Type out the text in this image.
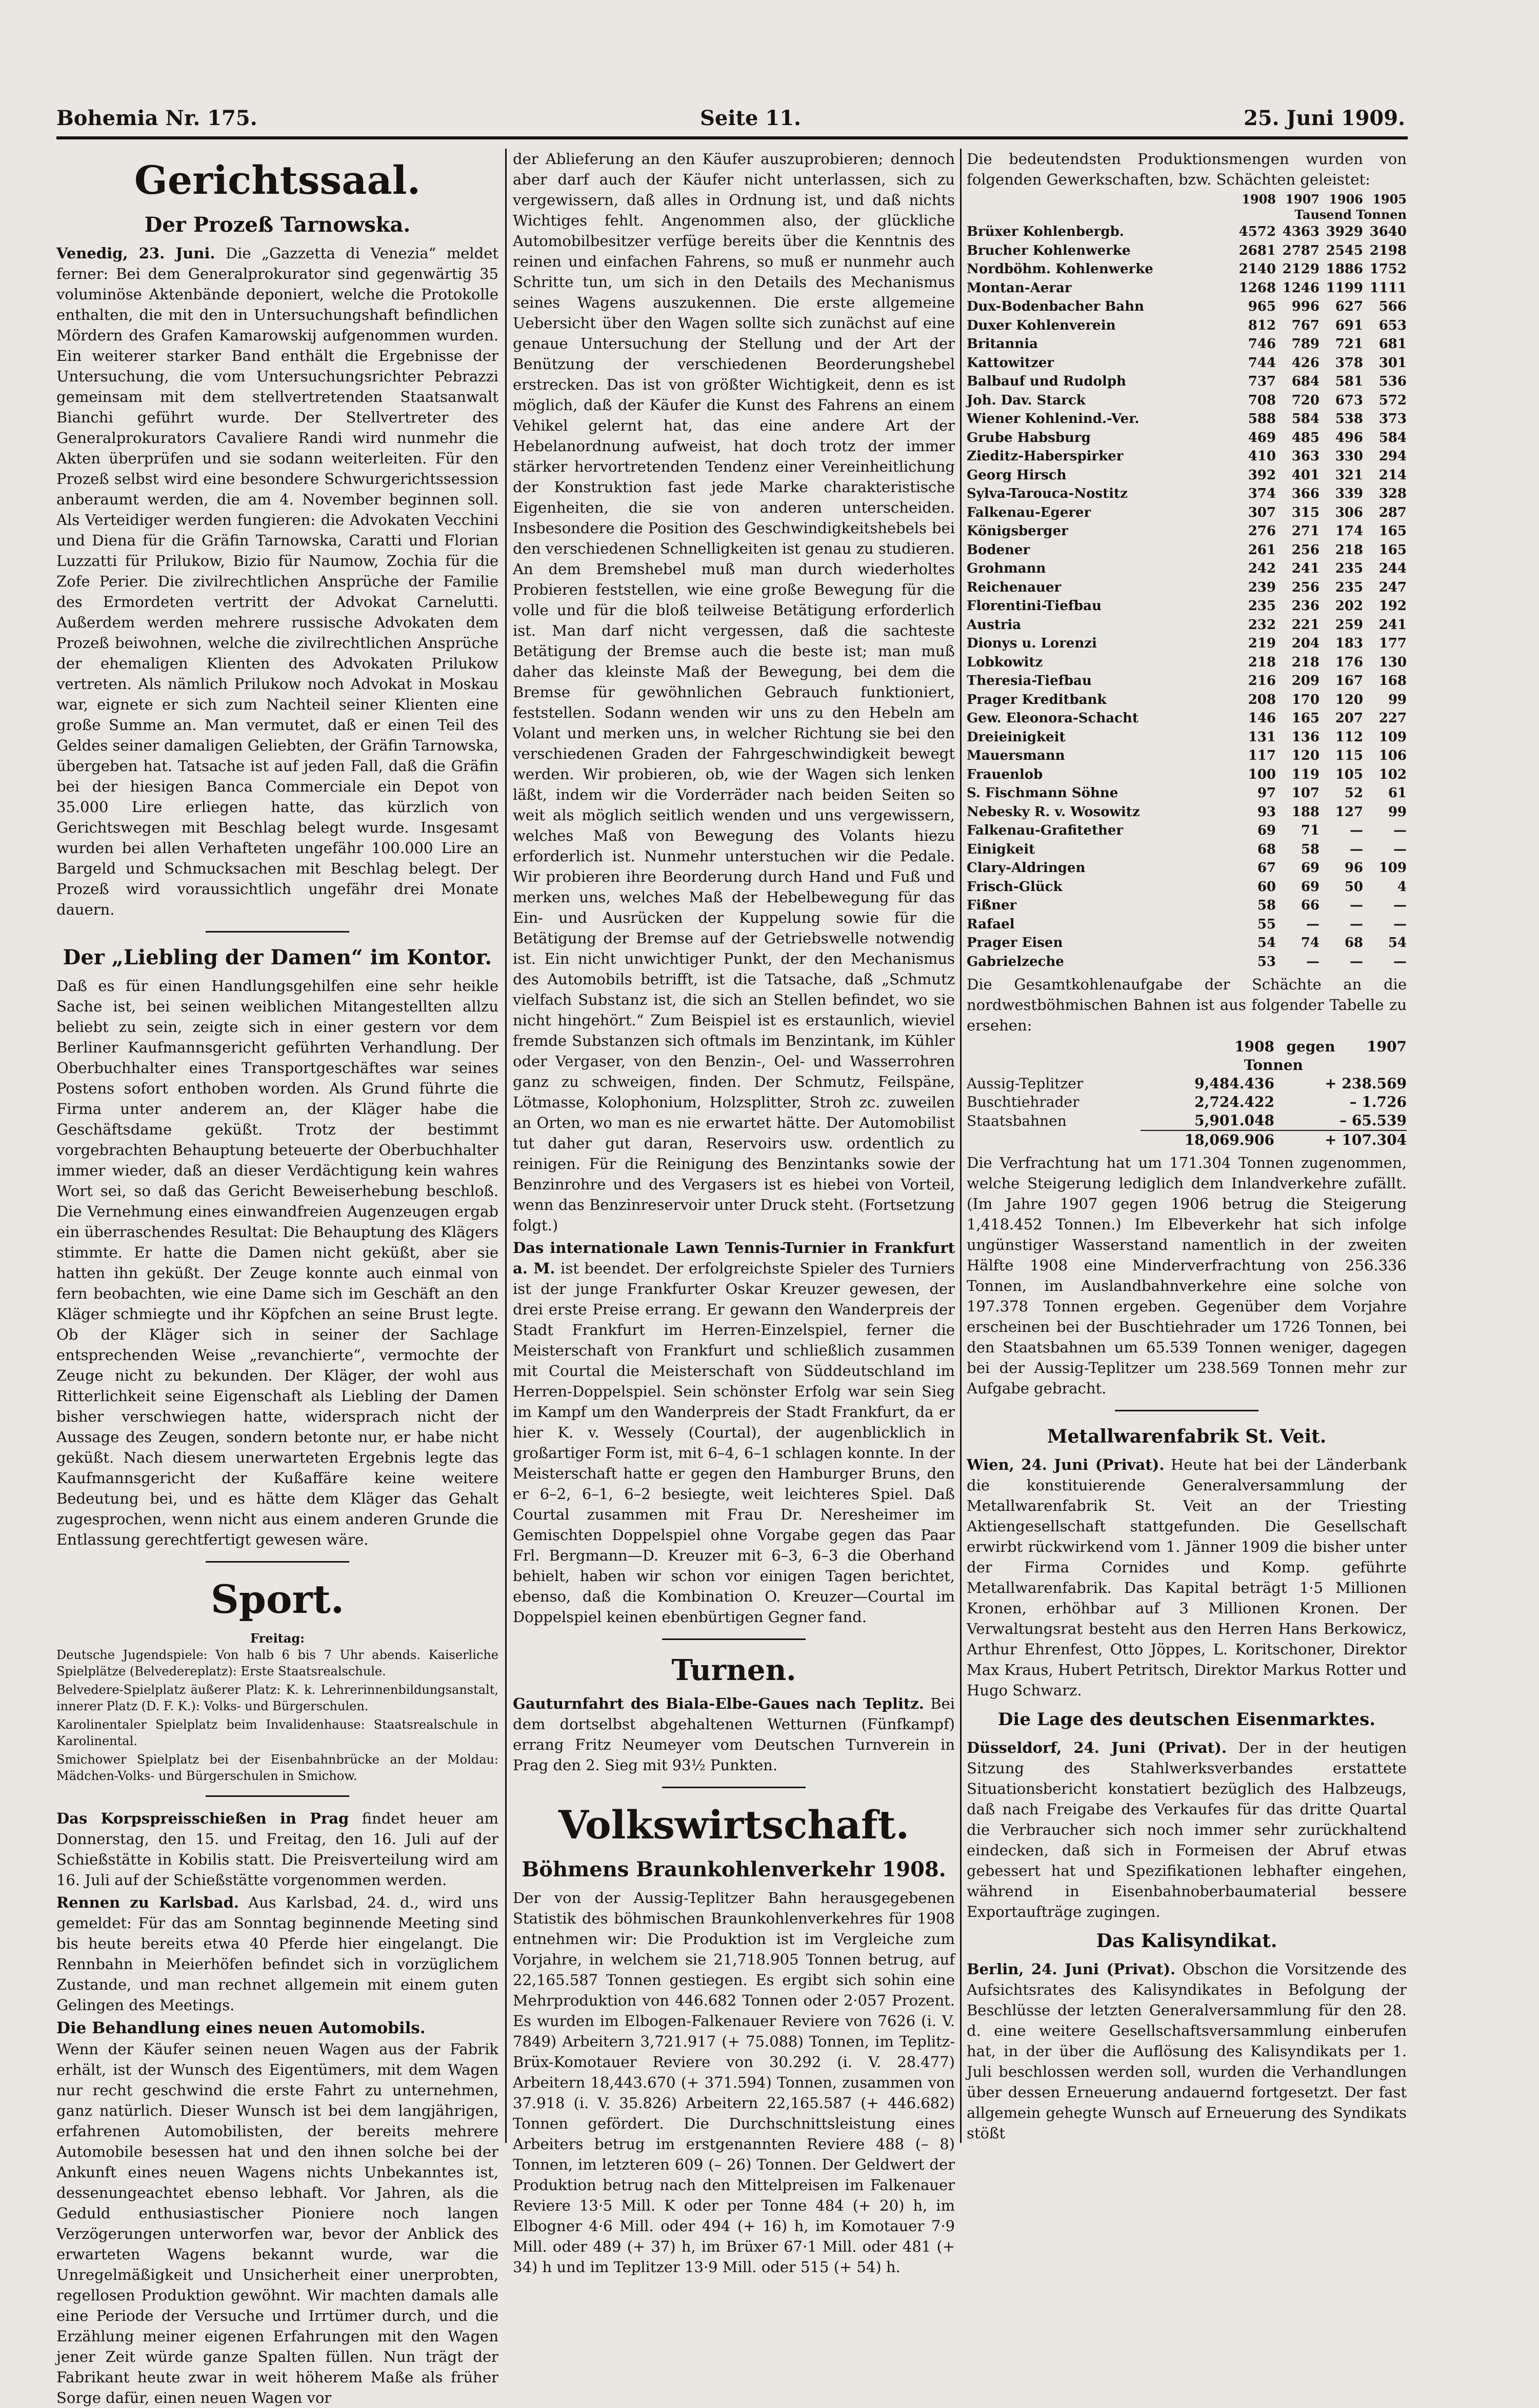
Bohemia Nr. 175.	Seite 11.	25. Juni 1909.
Gerichtssaal.
Der Prozeß Tarnowska.

Venedig, 23. Juni. Die „Gazzetta di Venezia“ meldet ferner: Bei dem Generalprokurator sind gegenwärtig 35 voluminöse Aktenbände deponiert, welche die Protokolle enthalten, die mit den in Untersuchungshaft befindlichen Mördern des Grafen Kamarowskij aufgenommen wurden. Ein weiterer starker Band enthält die Ergebnisse der Untersuchung, die vom Untersuchungsrichter Pebrazzi gemeinsam mit dem stellvertretenden Staatsanwalt Bianchi geführt wurde. Der Stellvertreter des Generalprokurators Cavaliere Randi wird nunmehr die Akten überprüfen und sie sodann weiterleiten. Für den Prozeß selbst wird eine besondere Schwurgerichtssession anberaumt werden, die am 4. November beginnen soll. Als Verteidiger werden fungieren: die Advokaten Vecchini und Diena für die Gräfin Tarnowska, Caratti und Florian Luzzatti für Prilukow, Bizio für Naumow, Zochia für die Zofe Perier. Die zivilrechtlichen Ansprüche der Familie des Ermordeten vertritt der Advokat Carnelutti. Außerdem werden mehrere russische Advokaten dem Prozeß beiwohnen, welche die zivilrechtlichen Ansprüche der ehemaligen Klienten des Advokaten Prilukow vertreten. Als nämlich Prilukow noch Advokat in Moskau war, eignete er sich zum Nachteil seiner Klienten eine große Summe an. Man vermutet, daß er einen Teil des Geldes seiner damaligen Geliebten, der Gräfin Tarnowska, übergeben hat. Tatsache ist auf jeden Fall, daß die Gräfin bei der hiesigen Banca Commerciale ein Depot von 35.000 Lire erliegen hatte, das kürzlich von Gerichtswegen mit Beschlag belegt wurde. Insgesamt wurden bei allen Verhafteten ungefähr 100.000 Lire an Bargeld und Schmucksachen mit Beschlag belegt. Der Prozeß wird voraussichtlich ungefähr drei Monate dauern.

Der „Liebling der Damen“ im Kontor.

Daß es für einen Handlungsgehilfen eine sehr heikle Sache ist, bei seinen weiblichen Mitangestellten allzu beliebt zu sein, zeigte sich in einer gestern vor dem Berliner Kaufmannsgericht geführten Verhandlung. Der Oberbuchhalter eines Transportgeschäftes war seines Postens sofort enthoben worden. Als Grund führte die Firma unter anderem an, der Kläger habe die Geschäftsdame geküßt. Trotz der bestimmt vorgebrachten Behauptung beteuerte der Oberbuchhalter immer wieder, daß an dieser Verdächtigung kein wahres Wort sei, so daß das Gericht Beweiserhebung beschloß. Die Vernehmung eines einwandfreien Augenzeugen ergab ein überraschendes Resultat: Die Behauptung des Klägers stimmte. Er hatte die Damen nicht geküßt, aber sie hatten ihn geküßt. Der Zeuge konnte auch einmal von fern beobachten, wie eine Dame sich im Geschäft an den Kläger schmiegte und ihr Köpfchen an seine Brust legte. Ob der Kläger sich in seiner der Sachlage entsprechenden Weise „revanchierte“, vermochte der Zeuge nicht zu bekunden. Der Kläger, der wohl aus Ritterlichkeit seine Eigenschaft als Liebling der Damen bisher verschwiegen hatte, widersprach nicht der Aussage des Zeugen, sondern betonte nur, er habe nicht geküßt. Nach diesem unerwarteten Ergebnis legte das Kaufmannsgericht der Kußaffäre keine weitere Bedeutung bei, und es hätte dem Kläger das Gehalt zugesprochen, wenn nicht aus einem anderen Grunde die Entlassung gerechtfertigt gewesen wäre.

Sport.
Freitag:

Deutsche Jugendspiele: Von halb 6 bis 7 Uhr abends. Kaiserliche Spielplätze (Belvedereplatz): Erste Staatsrealschule.

Belvedere-Spielplatz äußerer Platz: K. k. Lehrerinnenbildungsanstalt, innerer Platz (D. F. K.): Volks- und Bürgerschulen.

Karolinentaler Spielplatz beim Invalidenhause: Staatsrealschule in Karolinental.

Smichower Spielplatz bei der Eisenbahnbrücke an der Moldau: Mädchen-Volks- und Bürgerschulen in Smichow.

Das Korpspreisschießen in Prag findet heuer am Donnerstag, den 15. und Freitag, den 16. Juli auf der Schießstätte in Kobilis statt. Die Preisverteilung wird am 16. Juli auf der Schießstätte vorgenommen werden.

Rennen zu Karlsbad. Aus Karlsbad, 24. d., wird uns gemeldet: Für das am Sonntag beginnende Meeting sind bis heute bereits etwa 40 Pferde hier eingelangt. Die Rennbahn in Meierhöfen befindet sich in vorzüglichem Zustande, und man rechnet allgemein mit einem guten Gelingen des Meetings.

Die Behandlung eines neuen Automobils.

Wenn der Käufer seinen neuen Wagen aus der Fabrik erhält, ist der Wunsch des Eigentümers, mit dem Wagen nur recht geschwind die erste Fahrt zu unternehmen, ganz natürlich. Dieser Wunsch ist bei dem langjährigen, erfahrenen Automobilisten, der bereits mehrere Automobile besessen hat und den ihnen solche bei der Ankunft eines neuen Wagens nichts Unbekanntes ist, dessenungeachtet ebenso lebhaft. Vor Jahren, als die Geduld enthusiastischer Pioniere noch langen Verzögerungen unterworfen war, bevor der Anblick des erwarteten Wagens bekannt wurde, war die Unregelmäßigkeit und Unsicherheit einer unerprobten, regellosen Produktion gewöhnt. Wir machten damals alle eine Periode der Versuche und Irrtümer durch, und die Erzählung meiner eigenen Erfahrungen mit den Wagen jener Zeit würde ganze Spalten füllen. Nun trägt der Fabrikant heute zwar in weit höherem Maße als früher Sorge dafür, einen neuen Wagen vor

der Ablieferung an den Käufer auszuprobieren; dennoch aber darf auch der Käufer nicht unterlassen, sich zu vergewissern, daß alles in Ordnung ist, und daß nichts Wichtiges fehlt. Angenommen also, der glückliche Automobilbesitzer verfüge bereits über die Kenntnis des reinen und einfachen Fahrens, so muß er nunmehr auch Schritte tun, um sich in den Details des Mechanismus seines Wagens auszukennen. Die erste allgemeine Uebersicht über den Wagen sollte sich zunächst auf eine genaue Untersuchung der Stellung und der Art der Benützung der verschiedenen Beorderungshebel erstrecken. Das ist von größter Wichtigkeit, denn es ist möglich, daß der Käufer die Kunst des Fahrens an einem Vehikel gelernt hat, das eine andere Art der Hebelanordnung aufweist, hat doch trotz der immer stärker hervortretenden Tendenz einer Vereinheitlichung der Konstruktion fast jede Marke charakteristische Eigenheiten, die sie von anderen unterscheiden. Insbesondere die Position des Geschwindigkeitshebels bei den verschiedenen Schnelligkeiten ist genau zu studieren. An dem Bremshebel muß man durch wiederholtes Probieren feststellen, wie eine große Bewegung für die volle und für die bloß teilweise Betätigung erforderlich ist. Man darf nicht vergessen, daß die sachteste Betätigung der Bremse auch die beste ist; man muß daher das kleinste Maß der Bewegung, bei dem die Bremse für gewöhnlichen Gebrauch funktioniert, feststellen. Sodann wenden wir uns zu den Hebeln am Volant und merken uns, in welcher Richtung sie bei den verschiedenen Graden der Fahrgeschwindigkeit bewegt werden. Wir probieren, ob, wie der Wagen sich lenken läßt, indem wir die Vorderräder nach beiden Seiten so weit als möglich seitlich wenden und uns vergewissern, welches Maß von Bewegung des Volants hiezu erforderlich ist. Nunmehr unterstuchen wir die Pedale. Wir probieren ihre Beorderung durch Hand und Fuß und merken uns, welches Maß der Hebelbewegung für das Ein- und Ausrücken der Kuppelung sowie für die Betätigung der Bremse auf der Getriebswelle notwendig ist. Ein nicht unwichtiger Punkt, der den Mechanismus des Automobils betrifft, ist die Tatsache, daß „Schmutz vielfach Substanz ist, die sich an Stellen befindet, wo sie nicht hingehört.“ Zum Beispiel ist es erstaunlich, wieviel fremde Substanzen sich oftmals im Benzintank, im Kühler oder Vergaser, von den Benzin-, Oel- und Wasserrohren ganz zu schweigen, finden. Der Schmutz, Feilspäne, Lötmasse, Kolophonium, Holzsplitter, Stroh zc. zuweilen an Orten, wo man es nie erwartet hätte. Der Automobilist tut daher gut daran, Reservoirs usw. ordentlich zu reinigen. Für die Reinigung des Benzintanks sowie der Benzinrohre und des Vergasers ist es hiebei von Vorteil, wenn das Benzinreservoir unter Druck steht. (Fortsetzung folgt.)

Das internationale Lawn Tennis-Turnier in Frankfurt a. M. ist beendet. Der erfolgreichste Spieler des Turniers ist der junge Frankfurter Oskar Kreuzer gewesen, der drei erste Preise errang. Er gewann den Wanderpreis der Stadt Frankfurt im Herren-Einzelspiel, ferner die Meisterschaft von Frankfurt und schließlich zusammen mit Courtal die Meisterschaft von Süddeutschland im Herren-Doppelspiel. Sein schönster Erfolg war sein Sieg im Kampf um den Wanderpreis der Stadt Frankfurt, da er hier K. v. Wessely (Courtal), der augenblicklich in großartiger Form ist, mit 6–4, 6–1 schlagen konnte. In der Meisterschaft hatte er gegen den Hamburger Bruns, den er 6–2, 6–1, 6–2 besiegte, weit leichteres Spiel. Daß Courtal zusammen mit Frau Dr. Neresheimer im Gemischten Doppelspiel ohne Vorgabe gegen das Paar Frl. Bergmann—D. Kreuzer mit 6–3, 6–3 die Oberhand behielt, haben wir schon vor einigen Tagen berichtet, ebenso, daß die Kombination O. Kreuzer—Courtal im Doppelspiel keinen ebenbürtigen Gegner fand.

Turnen.

Gauturnfahrt des Biala-Elbe-Gaues nach Teplitz. Bei dem dortselbst abgehaltenen Wetturnen (Fünfkampf) errang Fritz Neumeyer vom Deutschen Turnverein in Prag den 2. Sieg mit 93½ Punkten.

Volkswirtschaft.
Böhmens Braunkohlenverkehr 1908.

Der von der Aussig-Teplitzer Bahn herausgegebenen Statistik des böhmischen Braunkohlenverkehres für 1908 entnehmen wir: Die Produktion ist im Vergleiche zum Vorjahre, in welchem sie 21,718.905 Tonnen betrug, auf 22,165.587 Tonnen gestiegen. Es ergibt sich sohin eine Mehrproduktion von 446.682 Tonnen oder 2·057 Prozent. Es wurden im Elbogen-Falkenauer Reviere von 7626 (i. V. 7849) Arbeitern 3,721.917 (+ 75.088) Tonnen, im Teplitz-Brüx-Komotauer Reviere von 30.292 (i. V. 28.477) Arbeitern 18,443.670 (+ 371.594) Tonnen, zusammen von 37.918 (i. V. 35.826) Arbeitern 22,165.587 (+ 446.682) Tonnen gefördert. Die Durchschnittsleistung eines Arbeiters betrug im erstgenannten Reviere 488 (– 8) Tonnen, im letzteren 609 (– 26) Tonnen. Der Geldwert der Produktion betrug nach den Mittelpreisen im Falkenauer Reviere 13·5 Mill. K oder per Tonne 484 (+ 20) h, im Elbogner 4·6 Mill. oder 494 (+ 16) h, im Komotauer 7·9 Mill. oder 489 (+ 37) h, im Brüxer 67·1 Mill. oder 481 (+ 34) h und im Teplitzer 13·9 Mill. oder 515 (+ 54) h.

Die bedeutendsten Produktionsmengen wurden von folgenden Gewerkschaften, bzw. Schächten geleistet:

	1908	1907	1906	1905
	Tausend Tonnen			
Brüxer Kohlenbergb.	4572	4363	3929	3640
Brucher Kohlenwerke	2681	2787	2545	2198
Nordböhm. Kohlenwerke	2140	2129	1886	1752
Montan-Aerar	1268	1246	1199	1111
Dux-Bodenbacher Bahn	965	996	627	566
Duxer Kohlenverein	812	767	691	653
Britannia	746	789	721	681
Kattowitzer	744	426	378	301
Balbauf und Rudolph	737	684	581	536
Joh. Dav. Starck	708	720	673	572
Wiener Kohlenind.-Ver.	588	584	538	373
Grube Habsburg	469	485	496	584
Zieditz-Haberspirker	410	363	330	294
Georg Hirsch	392	401	321	214
Sylva-Tarouca-Nostitz	374	366	339	328
Falkenau-Egerer	307	315	306	287
Königsberger	276	271	174	165
Bodener	261	256	218	165
Grohmann	242	241	235	244
Reichenauer	239	256	235	247
Florentini-Tiefbau	235	236	202	192
Austria	232	221	259	241
Dionys u. Lorenzi	219	204	183	177
Lobkowitz	218	218	176	130
Theresia-Tiefbau	216	209	167	168
Prager Kreditbank	208	170	120	99
Gew. Eleonora-Schacht	146	165	207	227
Dreieinigkeit	131	136	112	109
Mauersmann	117	120	115	106
Frauenlob	100	119	105	102
S. Fischmann Söhne	97	107	52	61
Nebesky R. v. Wosowitz	93	188	127	99
Falkenau-Grafitether	69	71	—	—
Einigkeit	68	58	—	—
Clary-Aldringen	67	69	96	109
Frisch-Glück	60	69	50	4
Fißner	58	66	—	—
Rafael	55	—	—	—
Prager Eisen	54	74	68	54
Gabrielzeche	53	—	—	—

Die Gesamtkohlenaufgabe der Schächte an die nordwestböhmischen Bahnen ist aus folgender Tabelle zu ersehen:

	1908	gegen	1907
	Tonnen		
Aussig-Teplitzer	9,484.436	+ 238.569	
Buschtiehrader	2,724.422	– 1.726	
Staatsbahnen	5,901.048	– 65.539	
	18,069.906	+ 107.304	

Die Verfrachtung hat um 171.304 Tonnen zugenommen, welche Steigerung lediglich dem Inlandverkehre zufällt. (Im Jahre 1907 gegen 1906 betrug die Steigerung 1,418.452 Tonnen.) Im Elbeverkehr hat sich infolge ungünstiger Wasserstand namentlich in der zweiten Hälfte 1908 eine Minderverfrachtung von 256.336 Tonnen, im Auslandbahnverkehre eine solche von 197.378 Tonnen ergeben. Gegenüber dem Vorjahre erscheinen bei der Buschtiehrader um 1726 Tonnen, bei den Staatsbahnen um 65.539 Tonnen weniger, dagegen bei der Aussig-Teplitzer um 238.569 Tonnen mehr zur Aufgabe gebracht.

Metallwarenfabrik St. Veit.

Wien, 24. Juni (Privat). Heute hat bei der Länderbank die konstituierende Generalversammlung der Metallwarenfabrik St. Veit an der Triesting Aktiengesellschaft stattgefunden. Die Gesellschaft erwirbt rückwirkend vom 1. Jänner 1909 die bisher unter der Firma Cornides und Komp. geführte Metallwarenfabrik. Das Kapital beträgt 1·5 Millionen Kronen, erhöhbar auf 3 Millionen Kronen. Der Verwaltungsrat besteht aus den Herren Hans Berkowicz, Arthur Ehrenfest, Otto Jöppes, L. Koritschoner, Direktor Max Kraus, Hubert Petritsch, Direktor Markus Rotter und Hugo Schwarz.

Die Lage des deutschen Eisenmarktes.

Düsseldorf, 24. Juni (Privat). Der in der heutigen Sitzung des Stahlwerksverbandes erstattete Situationsbericht konstatiert bezüglich des Halbzeugs, daß nach Freigabe des Verkaufes für das dritte Quartal die Verbraucher sich noch immer sehr zurückhaltend eindecken, daß sich in Formeisen der Abruf etwas gebessert hat und Spezifikationen lebhafter eingehen, während in Eisenbahnoberbaumaterial bessere Exportaufträge zugingen.

Das Kalisyndikat.

Berlin, 24. Juni (Privat). Obschon die Vorsitzende des Aufsichtsrates des Kalisyndikates in Befolgung der Beschlüsse der letzten Generalversammlung für den 28. d. eine weitere Gesellschaftsversammlung einberufen hat, in der über die Auflösung des Kalisyndikats per 1. Juli beschlossen werden soll, wurden die Verhandlungen über dessen Erneuerung andauernd fortgesetzt. Der fast allgemein gehegte Wunsch auf Erneuerung des Syndikats stößt
